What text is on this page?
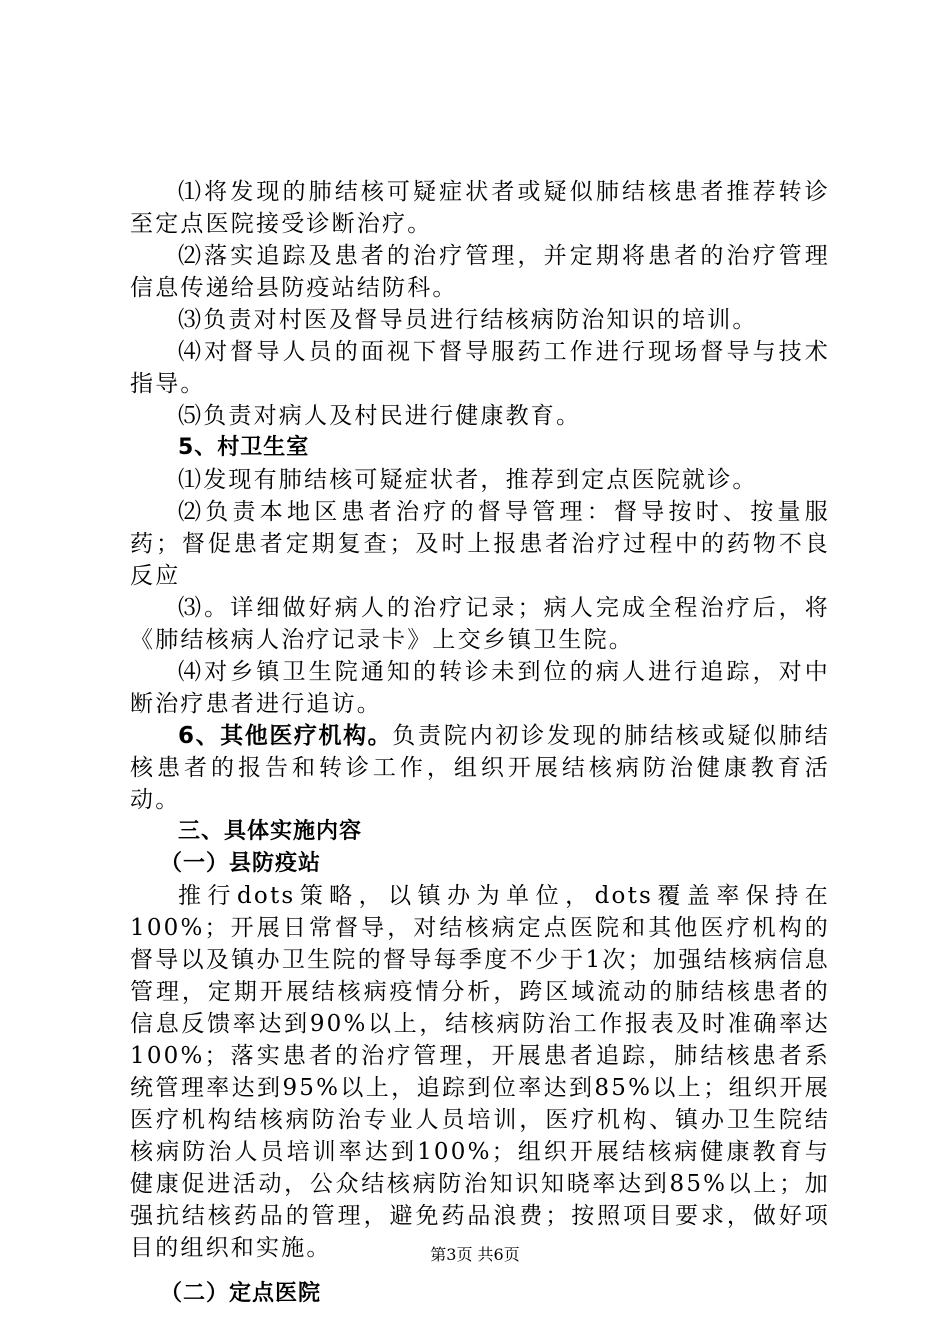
⑴将发现的肺结核可疑症状者或疑似肺结核患者推荐转诊至定点医院接受诊断治疗。

⑵落实追踪及患者的治疗管理，并定期将患者的治疗管理信息传递给县防疫站结防科。

⑶负责对村医及督导员进行结核病防治知识的培训。

⑷对督导人员的面视下督导服药工作进行现场督导与技术指导。

⑸负责对病人及村民进行健康教育。

5、村卫生室

⑴发现有肺结核可疑症状者，推荐到定点医院就诊。

⑵负责本地区患者治疗的督导管理：督导按时、按量服药；督促患者定期复查；及时上报患者治疗过程中的药物不良反应

⑶。详细做好病人的治疗记录；病人完成全程治疗后，将《肺结核病人治疗记录卡》上交乡镇卫生院。

⑷对乡镇卫生院通知的转诊未到位的病人进行追踪，对中断治疗患者进行追访。

6、其他医疗机构。负责院内初诊发现的肺结核或疑似肺结核患者的报告和转诊工作，组织开展结核病防治健康教育活动。

三、具体实施内容

（一）县防疫站

推行dots策略，以镇办为单位，dots覆盖率保持在100%；开展日常督导，对结核病定点医院和其他医疗机构的督导以及镇办卫生院的督导每季度不少于1次；加强结核病信息管理，定期开展结核病疫情分析，跨区域流动的肺结核患者的信息反馈率达到90%以上，结核病防治工作报表及时准确率达100%；落实患者的治疗管理，开展患者追踪，肺结核患者系统管理率达到95%以上，追踪到位率达到85%以上；组织开展医疗机构结核病防治专业人员培训，医疗机构、镇办卫生院结核病防治人员培训率达到100%；组织开展结核病健康教育与健康促进活动，公众结核病防治知识知晓率达到85%以上；加强抗结核药品的管理，避免药品浪费；按照项目要求，做好项目的组织和实施。

（二）定点医院

第3页 共6页
